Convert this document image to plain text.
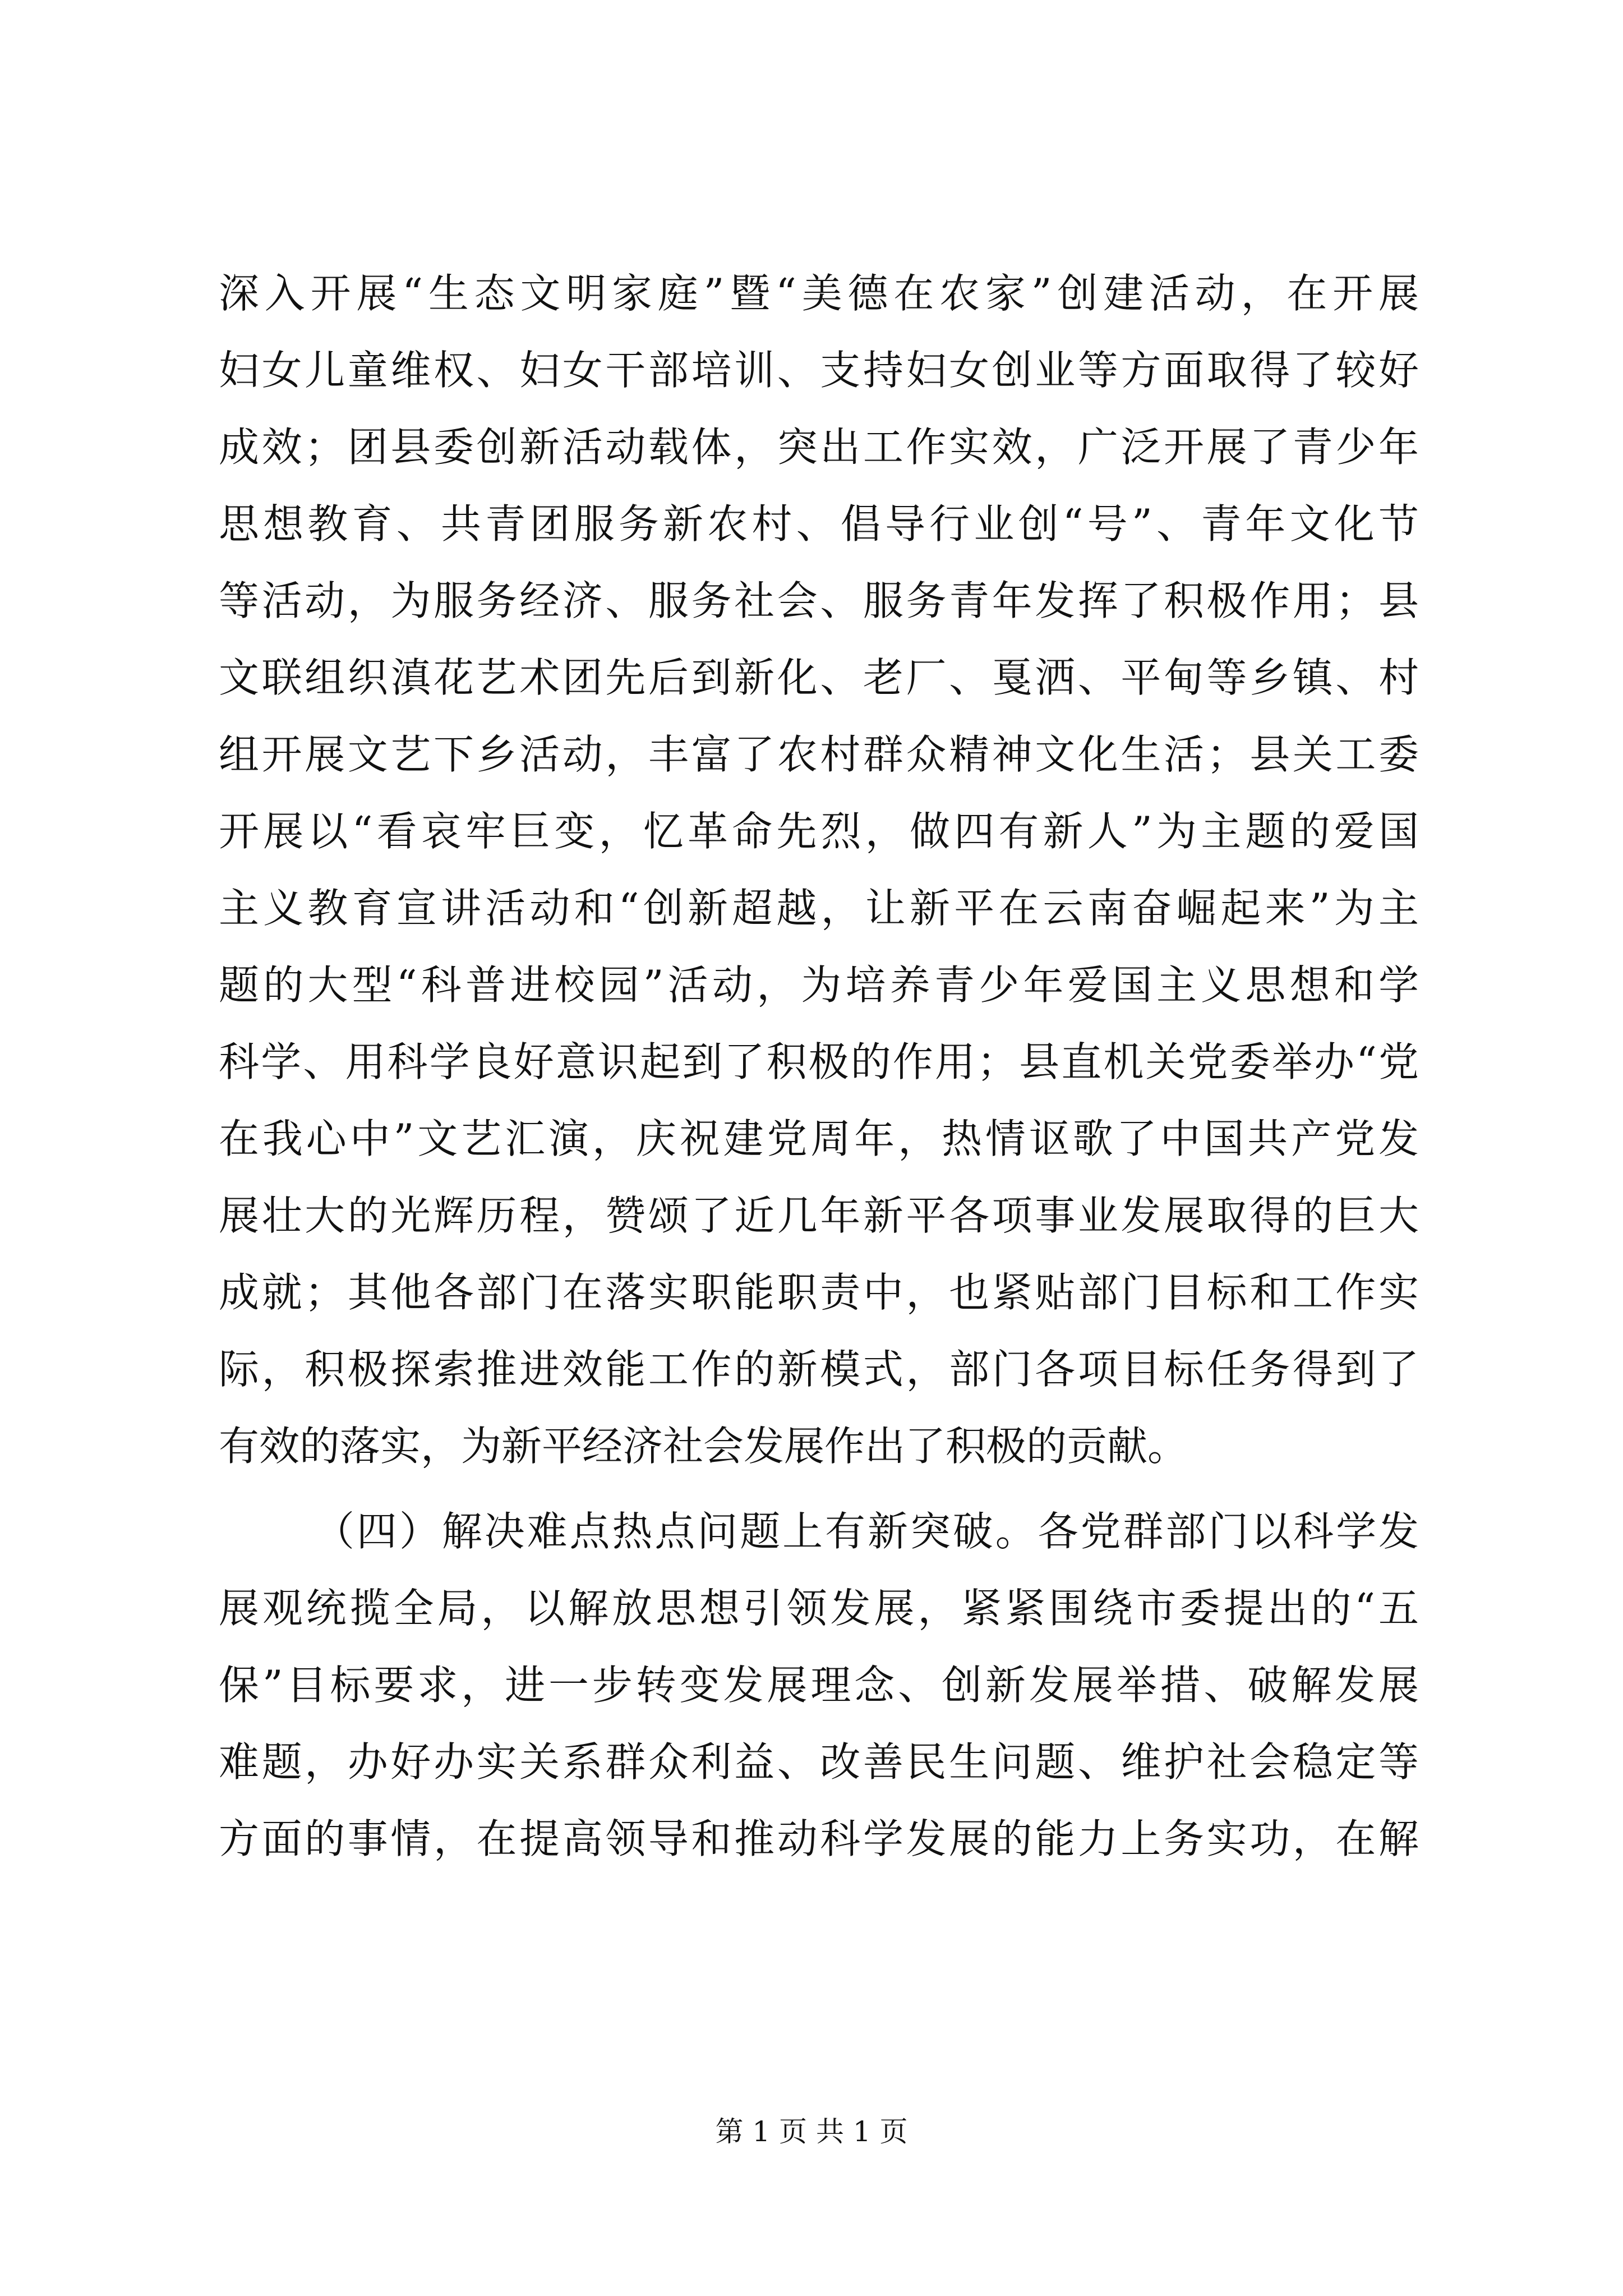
深入开展“生态文明家庭”暨“美德在农家”创建活动，在开展
妇女儿童维权、妇女干部培训、支持妇女创业等方面取得了较好
成效；团县委创新活动载体，突出工作实效，广泛开展了青少年
思想教育、共青团服务新农村、倡导行业创“号”、青年文化节
等活动，为服务经济、服务社会、服务青年发挥了积极作用；县
文联组织滇花艺术团先后到新化、老厂、戛洒、平甸等乡镇、村
组开展文艺下乡活动，丰富了农村群众精神文化生活；县关工委
开展以“看哀牢巨变，忆革命先烈，做四有新人”为主题的爱国
主义教育宣讲活动和“创新超越，让新平在云南奋崛起来”为主
题的大型“科普进校园”活动，为培养青少年爱国主义思想和学
科学、用科学良好意识起到了积极的作用；县直机关党委举办“党
在我心中”文艺汇演，庆祝建党周年，热情讴歌了中国共产党发
展壮大的光辉历程，赞颂了近几年新平各项事业发展取得的巨大
成就；其他各部门在落实职能职责中，也紧贴部门目标和工作实
际，积极探索推进效能工作的新模式，部门各项目标任务得到了
有效的落实，为新平经济社会发展作出了积极的贡献。
（四）解决难点热点问题上有新突破。各党群部门以科学发
展观统揽全局，以解放思想引领发展，紧紧围绕市委提出的“五
保”目标要求，进一步转变发展理念、创新发展举措、破解发展
难题，办好办实关系群众利益、改善民生问题、维护社会稳定等
方面的事情，在提高领导和推动科学发展的能力上务实功，在解
第 1 页 共 1 页
